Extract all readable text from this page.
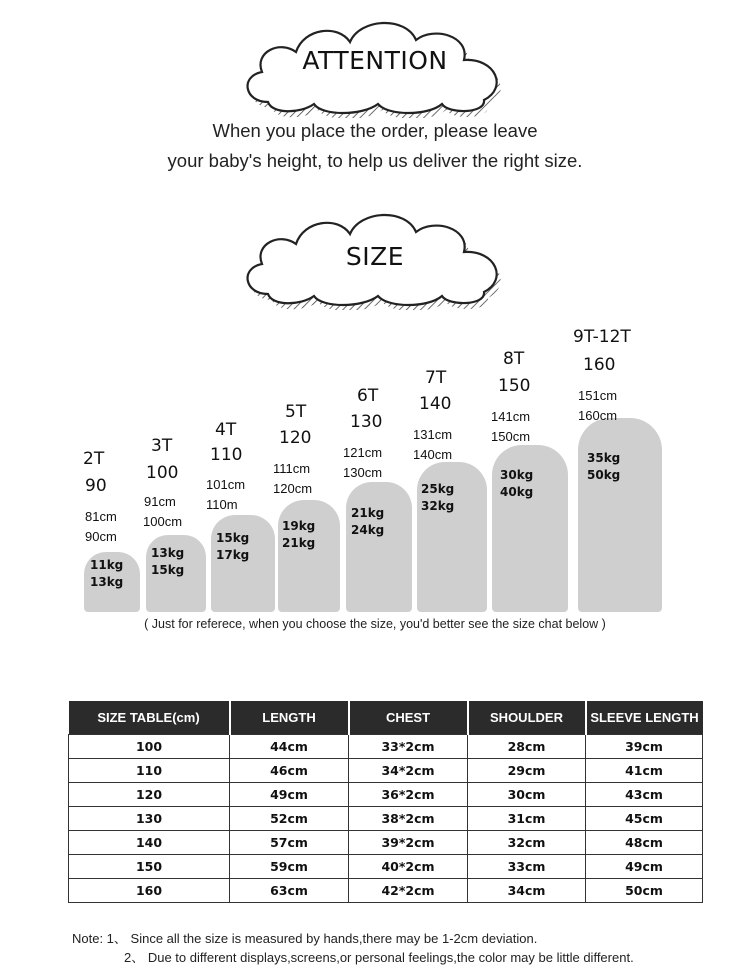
ATTENTION
When you place the order, please leave
your baby's height, to help us deliver the right size.
SIZE
2T
90
81cm
90cm
11kg
13kg
3T
100
91cm
100cm
13kg
15kg
4T
110
101cm
110m
15kg
17kg
5T
120
111cm
120cm
19kg
21kg
6T
130
121cm
130cm
21kg
24kg
7T
140
131cm
140cm
25kg
32kg
8T
150
141cm
150cm
30kg
40kg
9T-12T
160
151cm
160cm
35kg
50kg
( Just for referece, when you choose the size, you'd better see the size chat below )
SIZE TABLE(cm)	LENGTH	CHEST	SHOULDER	SLEEVE LENGTH
100	44cm	33*2cm	28cm	39cm
110	46cm	34*2cm	29cm	41cm
120	49cm	36*2cm	30cm	43cm
130	52cm	38*2cm	31cm	45cm
140	57cm	39*2cm	32cm	48cm
150	59cm	40*2cm	33cm	49cm
160	63cm	42*2cm	34cm	50cm
Note: 1、 Since all the size is measured by hands,there may be 1-2cm deviation.
2、 Due to different displays,screens,or personal feelings,the color may be little different.
